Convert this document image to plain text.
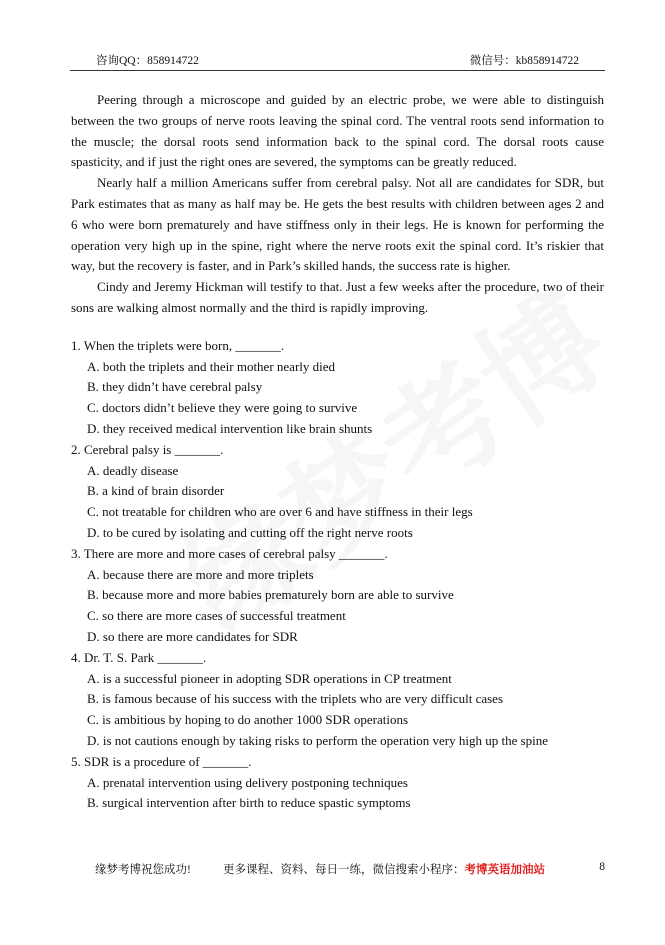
咨询QQ：858914722	微信号：kb858914722

Peering through a microscope and guided by an electric probe, we were able to distinguish between the two groups of nerve roots leaving the spinal cord. The ventral roots send information to the muscle; the dorsal roots send information back to the spinal cord. The dorsal roots cause spasticity, and if just the right ones are severed, the symptoms can be greatly reduced.

Nearly half a million Americans suffer from cerebral palsy. Not all are candidates for SDR, but Park estimates that as many as half may be. He gets the best results with children between ages 2 and 6 who were born prematurely and have stiffness only in their legs. He is known for performing the operation very high up in the spine, right where the nerve roots exit the spinal cord. It’s riskier that way, but the recovery is faster, and in Park’s skilled hands, the success rate is higher.

Cindy and Jeremy Hickman will testify to that. Just a few weeks after the procedure, two of their sons are walking almost normally and the third is rapidly improving.

1. When the triplets were born, _______.

A. both the triplets and their mother nearly died

B. they didn’t have cerebral palsy

C. doctors didn’t believe they were going to survive

D. they received medical intervention like brain shunts

2. Cerebral palsy is _______.

A. deadly disease

B. a kind of brain disorder

C. not treatable for children who are over 6 and have stiffness in their legs

D. to be cured by isolating and cutting off the right nerve roots

3. There are more and more cases of cerebral palsy _______.

A. because there are more and more triplets

B. because more and more babies prematurely born are able to survive

C. so there are more cases of successful treatment

D. so there are more candidates for SDR

4. Dr. T. S. Park _______.

A. is a successful pioneer in adopting SDR operations in CP treatment

B. is famous because of his success with the triplets who are very difficult cases

C. is ambitious by hoping to do another 1000 SDR operations

D. is not cautions enough by taking risks to perform the operation very high up the spine

5. SDR is a procedure of _______.

A. prenatal intervention using delivery postponing techniques

B. surgical intervention after birth to reduce spastic symptoms

缘梦考博祝您成功!	更多课程、资料、每日一练，微信搜索小程序：考博英语加油站	8
